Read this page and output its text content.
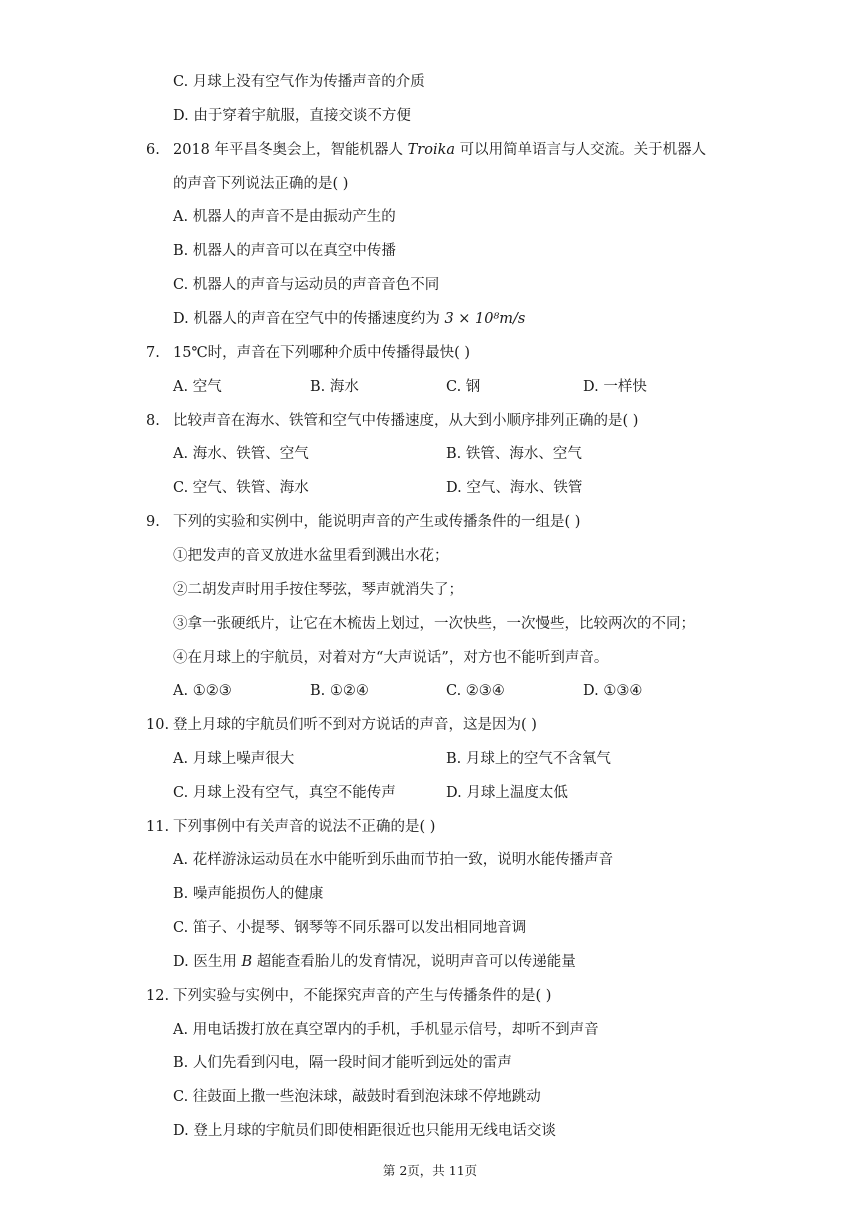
C. 月球上没有空气作为传播声音的介质
D. 由于穿着宇航服，直接交谈不方便
6. 2018 年平昌冬奥会上，智能机器人 Troika 可以用简单语言与人交流。关于机器人
的声音下列说法正确的是( )
A. 机器人的声音不是由振动产生的
B. 机器人的声音可以在真空中传播
C. 机器人的声音与运动员的声音音色不同
D. 机器人的声音在空气中的传播速度约为 3 × 10⁸m/s
7. 15℃时，声音在下列哪种介质中传播得最快( )
A. 空气	B. 海水	C. 钢	D. 一样快
8. 比较声音在海水、铁管和空气中传播速度，从大到小顺序排列正确的是( )
A. 海水、铁管、空气	B. 铁管、海水、空气
C. 空气、铁管、海水	D. 空气、海水、铁管
9. 下列的实验和实例中，能说明声音的产生或传播条件的一组是( )
①把发声的音叉放进水盆里看到溅出水花；
②二胡发声时用手按住琴弦，琴声就消失了；
③拿一张硬纸片，让它在木梳齿上划过，一次快些，一次慢些，比较两次的不同；
④在月球上的宇航员，对着对方“大声说话”，对方也不能听到声音。
A. ①②③	B. ①②④	C. ②③④	D. ①③④
10. 登上月球的宇航员们听不到对方说话的声音，这是因为( )
A. 月球上噪声很大	B. 月球上的空气不含氧气
C. 月球上没有空气，真空不能传声	D. 月球上温度太低
11. 下列事例中有关声音的说法不正确的是( )
A. 花样游泳运动员在水中能听到乐曲而节拍一致，说明水能传播声音
B. 噪声能损伤人的健康
C. 笛子、小提琴、钢琴等不同乐器可以发出相同地音调
D. 医生用 B 超能查看胎儿的发育情况，说明声音可以传递能量
12. 下列实验与实例中，不能探究声音的产生与传播条件的是( )
A. 用电话拨打放在真空罩内的手机，手机显示信号，却听不到声音
B. 人们先看到闪电，隔一段时间才能听到远处的雷声
C. 往鼓面上撒一些泡沫球，敲鼓时看到泡沫球不停地跳动
D. 登上月球的宇航员们即使相距很近也只能用无线电话交谈
第 2页，共 11页
